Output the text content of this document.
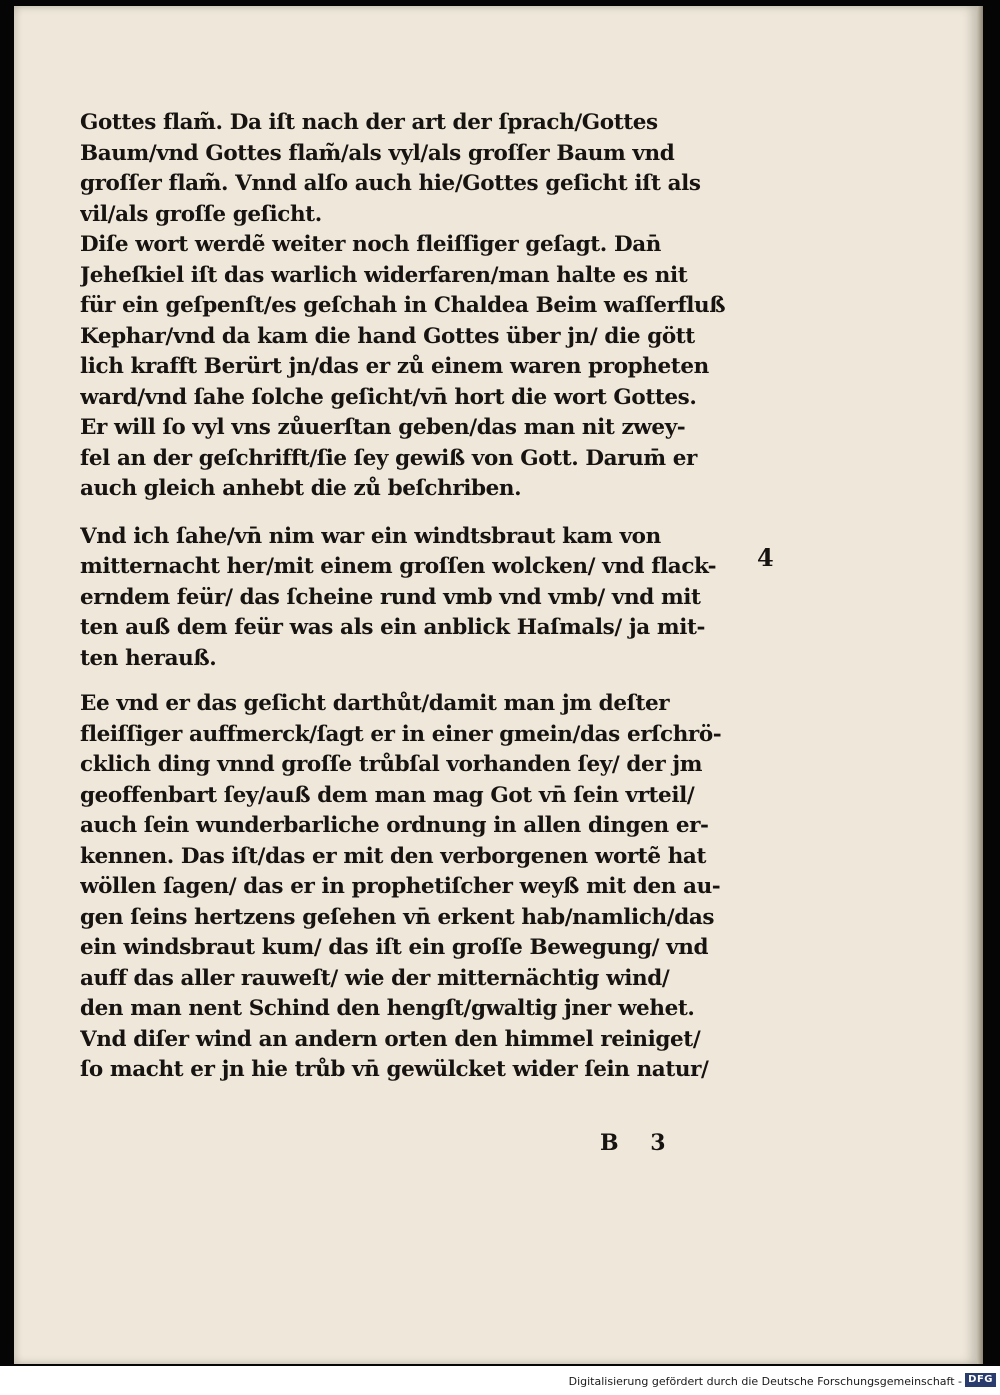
Gottes flam̃. Da iſt nach der art der ſprach/Gottes
Baum/vnd Gottes flam̃/als vyl/als groſſer Baum vnd
groſſer flam̃. Vnnd alſo auch hie/Gottes geſicht iſt als
vil/als groſſe geſicht.
Diſe wort werdẽ weiter noch fleiſſiger geſagt. Dan̄
Jeheſkiel iſt das warlich widerfaren/man halte es nit
für ein geſpenſt/es geſchah in Chaldea Beim waſſerfluß
Kephar/vnd da kam die hand Gottes über jn/ die gött
lich krafft Berürt jn/das er zů einem waren propheten
ward/vnd ſahe ſolche geſicht/vn̄ hort die wort Gottes.
Er will ſo vyl vns zůuerſtan geben/das man nit zwey-
fel an der geſchrifft/ſie ſey gewiß von Gott. Darum̄ er
auch gleich anhebt die zů beſchriben.
Vnd ich ſahe/vn̄ nim war ein windtsbraut kam von
mitternacht her/mit einem groſſen wolcken/ vnd flack-
erndem feür/ das ſcheine rund vmb vnd vmb/ vnd mit
ten auß dem feür was als ein anblick Haſmals/ ja mit-
ten herauß.
Ee vnd er das geſicht darthůt/damit man jm deſter
fleiſſiger auffmerck/ſagt er in einer gmein/das erſchrö-
cklich ding vnnd groſſe trůbſal vorhanden ſey/ der jm
geoffenbart ſey/auß dem man mag Got vn̄ ſein vrteil/
auch ſein wunderbarliche ordnung in allen dingen er-
kennen. Das iſt/das er mit den verborgenen wortẽ hat
wöllen ſagen/ das er in prophetiſcher weyß mit den au-
gen ſeins hertzens geſehen vn̄ erkent hab/namlich/das
ein windsbraut kum/ das iſt ein groſſe Bewegung/ vnd
auff das aller rauweſt/ wie der mitternächtig wind/
den man nent Schind den hengſt/gwaltig jner wehet.
Vnd diſer wind an andern orten den himmel reiniget/
ſo macht er jn hie trůb vn̄ gewülcket wider ſein natur/
4
B 3
Digitalisierung gefördert durch die Deutsche Forschungsgemeinschaft - DFG
